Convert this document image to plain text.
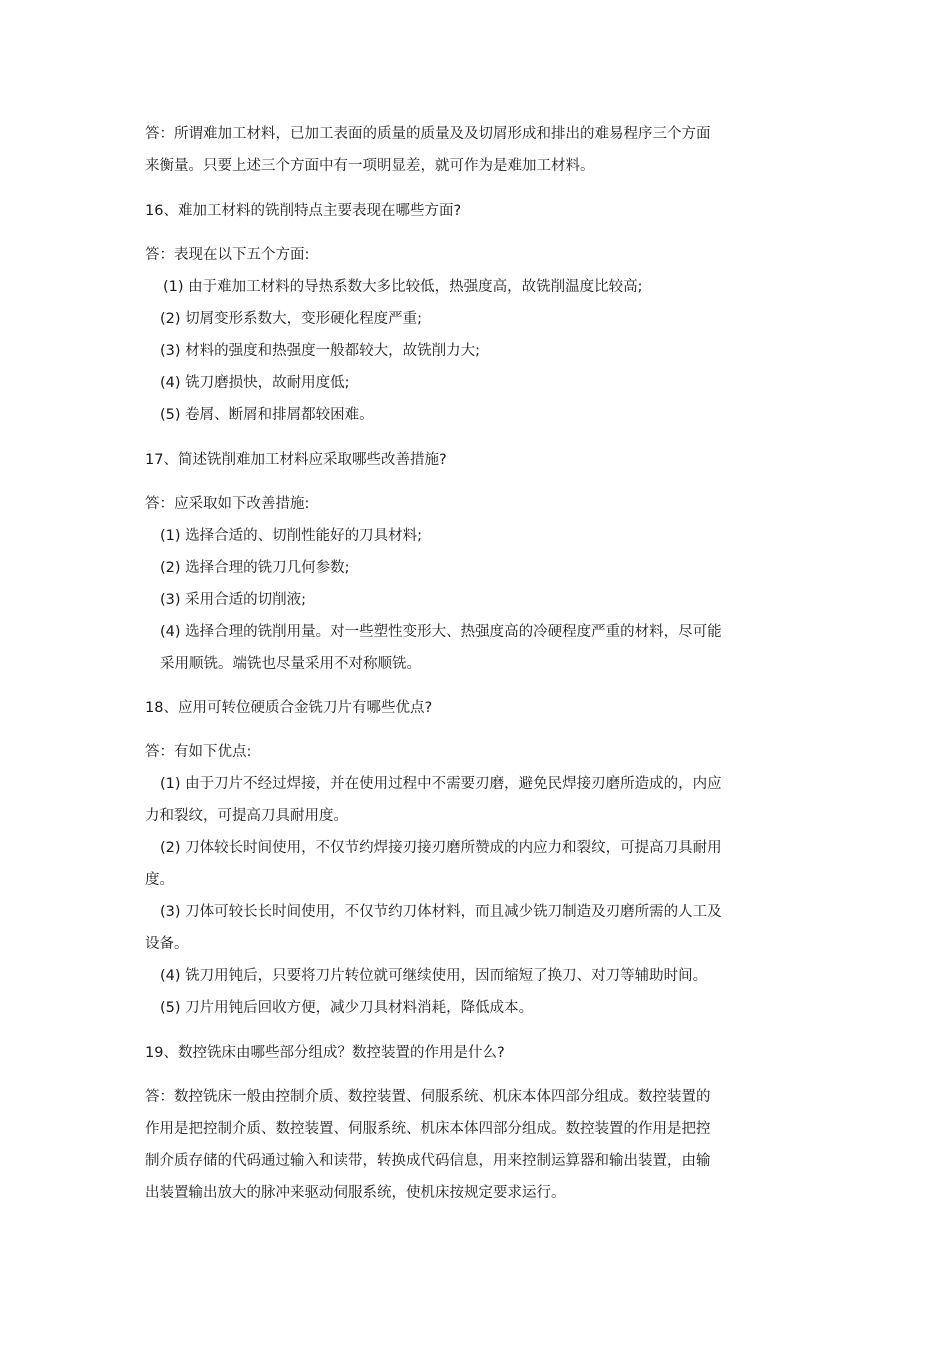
答：所谓难加工材料，已加工表面的质量的质量及及切屑形成和排出的难易程序三个方面
来衡量。只要上述三个方面中有一项明显差，就可作为是难加工材料。
16、难加工材料的铣削特点主要表现在哪些方面?
答：表现在以下五个方面:
(1) 由于难加工材料的导热系数大多比较低，热强度高，故铣削温度比较高;
(2) 切屑变形系数大，变形硬化程度严重;
(3) 材料的强度和热强度一般都较大，故铣削力大;
(4) 铣刀磨损快，故耐用度低;
(5) 卷屑、断屑和排屑都较困难。
17、简述铣削难加工材料应采取哪些改善措施?
答：应采取如下改善措施:
(1) 选择合适的、切削性能好的刀具材料;
(2) 选择合理的铣刀几何参数;
(3) 采用合适的切削液;
(4) 选择合理的铣削用量。对一些塑性变形大、热强度高的冷硬程度严重的材料，尽可能
采用顺铣。端铣也尽量采用不对称顺铣。
18、应用可转位硬质合金铣刀片有哪些优点?
答：有如下优点:
(1) 由于刀片不经过焊接，并在使用过程中不需要刃磨，避免民焊接刃磨所造成的，内应
力和裂纹，可提高刀具耐用度。
(2) 刀体较长时间使用，不仅节约焊接刃接刃磨所赞成的内应力和裂纹，可提高刀具耐用
度。
(3) 刀体可较长长时间使用，不仅节约刀体材料，而且减少铣刀制造及刃磨所需的人工及
设备。
(4) 铣刀用钝后，只要将刀片转位就可继续使用，因而缩短了换刀、对刀等辅助时间。
(5) 刀片用钝后回收方便，减少刀具材料消耗，降低成本。
19、数控铣床由哪些部分组成？数控装置的作用是什么?
答：数控铣床一般由控制介质、数控装置、伺服系统、机床本体四部分组成。数控装置的
作用是把控制介质、数控装置、伺服系统、机床本体四部分组成。数控装置的作用是把控
制介质存储的代码通过输入和读带，转换成代码信息，用来控制运算器和输出装置，由输
出装置输出放大的脉冲来驱动伺服系统，使机床按规定要求运行。
